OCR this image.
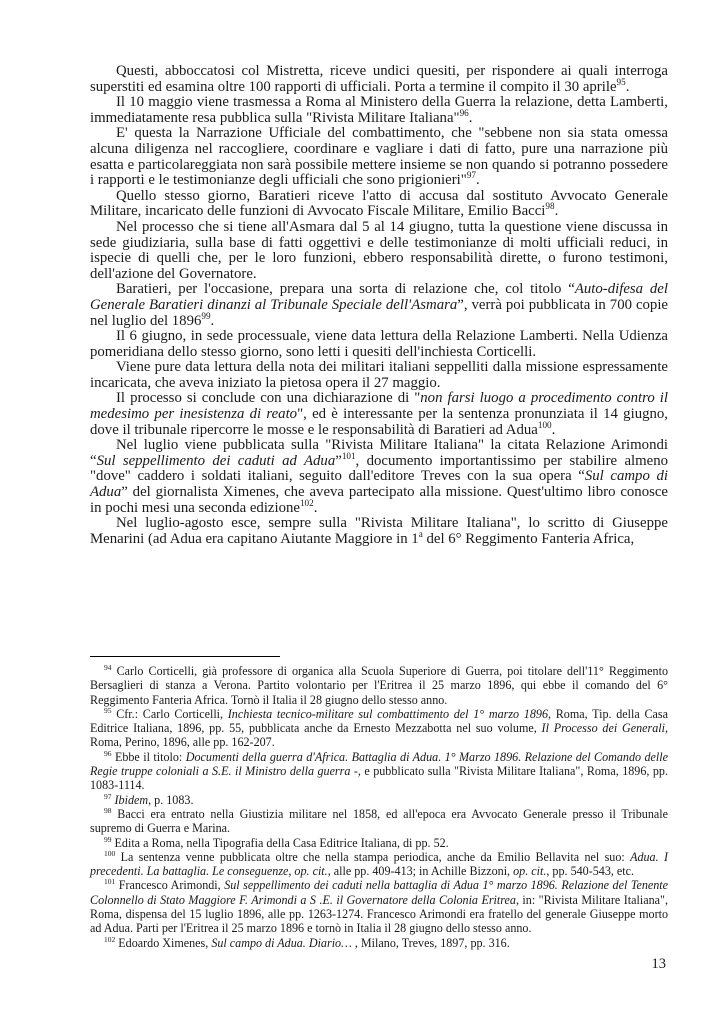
Questi, abboccatosi col Mistretta, riceve undici quesiti, per rispondere ai quali interroga superstiti ed esamina oltre 100 rapporti di ufficiali. Porta a termine il compito il 30 aprile$^{95}$.

Il 10 maggio viene trasmessa a Roma al Ministero della Guerra la relazione, detta Lamberti, immediatamente resa pubblica sulla "Rivista Militare Italiana"$^{96}$.

E' questa la Narrazione Ufficiale del combattimento, che "sebbene non sia stata omessa alcuna diligenza nel raccogliere, coordinare e vagliare i dati di fatto, pure una narrazione più esatta e particolareggiata non sarà possibile mettere insieme se non quando si potranno possedere i rapporti e le testimonianze degli ufficiali che sono prigionieri"$^{97}$.

Quello stesso giorno, Baratieri riceve l'atto di accusa dal sostituto Avvocato Generale Militare, incaricato delle funzioni di Avvocato Fiscale Militare, Emilio Bacci$^{98}$.

Nel processo che si tiene all'Asmara dal 5 al 14 giugno, tutta la questione viene discussa in sede giudiziaria, sulla base di fatti oggettivi e delle testimonianze di molti ufficiali reduci, in ispecie di quelli che, per le loro funzioni, ebbero responsabilità dirette, o furono testimoni, dell'azione del Governatore.

Baratieri, per l'occasione, prepara una sorta di relazione che, col titolo “Auto-difesa del Generale Baratieri dinanzi al Tribunale Speciale dell'Asmara”, verrà poi pubblicata in 700 copie nel luglio del 1896$^{99}$.

Il 6 giugno, in sede processuale, viene data lettura della Relazione Lamberti. Nella Udienza pomeridiana dello stesso giorno, sono letti i quesiti dell'inchiesta Corticelli.

Viene pure data lettura della nota dei militari italiani seppelliti dalla missione espressamente incaricata, che aveva iniziato la pietosa opera il 27 maggio.

Il processo si conclude con una dichiarazione di "non farsi luogo a procedimento contro il medesimo per inesistenza di reato", ed è interessante per la sentenza pronunziata il 14 giugno, dove il tribunale ripercorre le mosse e le responsabilità di Baratieri ad Adua$^{100}$.

Nel luglio viene pubblicata sulla "Rivista Militare Italiana" la citata Relazione Arimondi “Sul seppellimento dei caduti ad Adua”$^{101}$, documento importantissimo per stabilire almeno "dove" caddero i soldati italiani, seguito dall'editore Treves con la sua opera “Sul campo di Adua” del giornalista Ximenes, che aveva partecipato alla missione. Quest'ultimo libro conosce in pochi mesi una seconda edizione$^{102}$.

Nel luglio-agosto esce, sempre sulla "Rivista Militare Italiana", lo scritto di Giuseppe Menarini (ad Adua era capitano Aiutante Maggiore in 1$^a$ del 6° Reggimento Fanteria Africa,

$^{94}$ Carlo Corticelli, già professore di organica alla Scuola Superiore di Guerra, poi titolare dell'11° Reggimento Bersaglieri di stanza a Verona. Partito volontario per l'Eritrea il 25 marzo 1896, qui ebbe il comando del 6° Reggimento Fanteria Africa. Tornò il Italia il 28 giugno dello stesso anno.

$^{95}$ Cfr.: Carlo Corticelli, Inchiesta tecnico-militare sul combattimento del 1° marzo 1896, Roma, Tip. della Casa Editrice Italiana, 1896, pp. 55, pubblicata anche da Ernesto Mezzabotta nel suo volume, Il Processo dei Generali, Roma, Perino, 1896, alle pp. 162-207.

$^{96}$ Ebbe il titolo: Documenti della guerra d'Africa. Battaglia di Adua. 1° Marzo 1896. Relazione del Comando delle Regie truppe coloniali a S.E. il Ministro della guerra -, e pubblicato sulla "Rivista Militare Italiana", Roma, 1896, pp. 1083-1114.

$^{97}$ Ibidem, p. 1083.

$^{98}$ Bacci era entrato nella Giustizia militare nel 1858, ed all'epoca era Avvocato Generale presso il Tribunale supremo di Guerra e Marina.

$^{99}$ Edita a Roma, nella Tipografia della Casa Editrice Italiana, di pp. 52.

$^{100}$ La sentenza venne pubblicata oltre che nella stampa periodica, anche da Emilio Bellavita nel suo: Adua. I precedenti. La battaglia. Le conseguenze, op. cit., alle pp. 409-413; in Achille Bizzoni, op. cit., pp. 540-543, etc.

$^{101}$ Francesco Arimondi, Sul seppellimento dei caduti nella battaglia di Adua 1° marzo 1896. Relazione del Tenente Colonnello di Stato Maggiore F. Arimondi a S .E. il Governatore della Colonia Eritrea, in: "Rivista Militare Italiana", Roma, dispensa del 15 luglio 1896, alle pp. 1263-1274. Francesco Arimondi era fratello del generale Giuseppe morto ad Adua. Parti per l'Eritrea il 25 marzo 1896 e tornò in Italia il 28 giugno dello stesso anno.

$^{102}$ Edoardo Ximenes, Sul campo di Adua. Diario… , Milano, Treves, 1897, pp. 316.

13
